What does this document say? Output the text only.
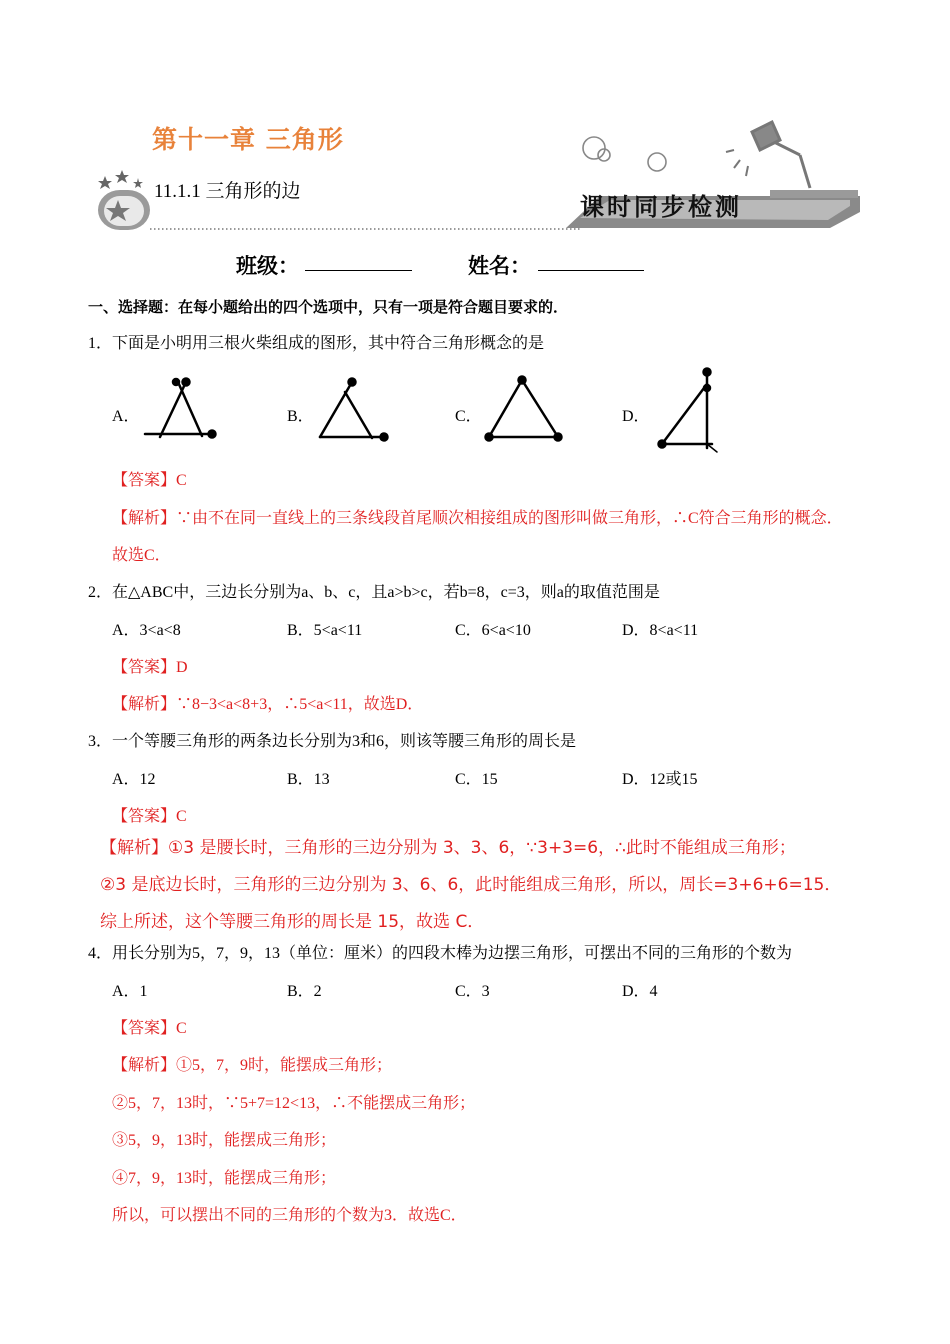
第十一章 三角形
11.1.1 三角形的边
课时同步检测
班级：	姓名：
一、选择题：在每小题给出的四个选项中，只有一项是符合题目要求的．
1．下面是小明用三根火柴组成的图形，其中符合三角形概念的是
A．	B．	C．	D．
【答案】C
【解析】∵由不在同一直线上的三条线段首尾顺次相接组成的图形叫做三角形，∴C符合三角形的概念．
故选C．
2．在△ABC中，三边长分别为a、b、c，且a>b>c，若b=8，c=3，则a的取值范围是
A．3<a<8	B．5<a<11	C．6<a<10	D．8<a<11
【答案】D
【解析】∵8−3<a<8+3，∴5<a<11，故选D．
3．一个等腰三角形的两条边长分别为3和6，则该等腰三角形的周长是
A．12	B．13	C．15	D．12或15
【答案】C
【解析】①3 是腰长时，三角形的三边分别为 3、3、6，∵3+3=6，∴此时不能组成三角形；
②3 是底边长时，三角形的三边分别为 3、6、6，此时能组成三角形，所以，周长=3+6+6=15．
综上所述，这个等腰三角形的周长是 15，故选 C．
4．用长分别为5，7，9，13（单位：厘米）的四段木棒为边摆三角形，可摆出不同的三角形的个数为
A．1	B．2	C．3	D．4
【答案】C
【解析】①5，7，9时，能摆成三角形；
②5，7，13时，∵5+7=12<13，∴不能摆成三角形；
③5，9，13时，能摆成三角形；
④7，9，13时，能摆成三角形；
所以，可以摆出不同的三角形的个数为3．故选C．
